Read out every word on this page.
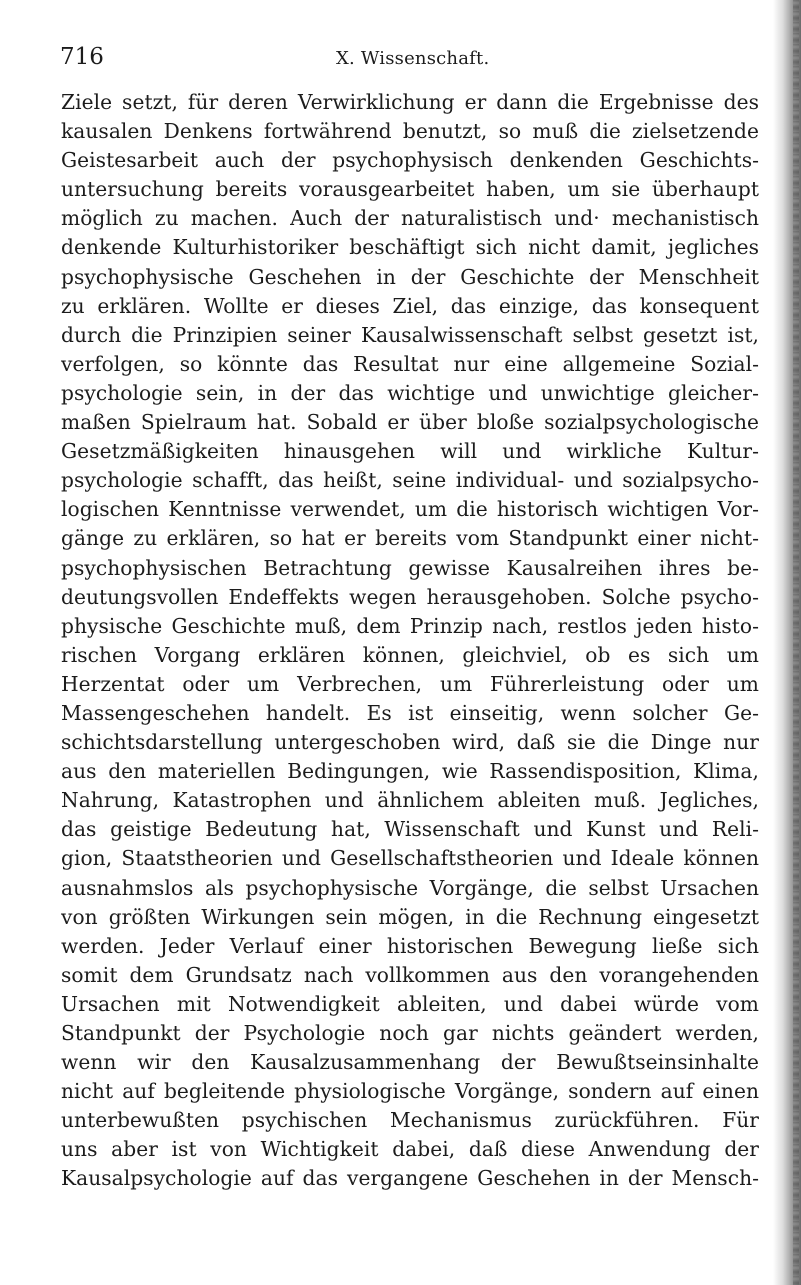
716	X. Wissenschaft.
Ziele setzt, für deren Verwirklichung er dann die Ergebnisse des
kausalen Denkens fortwährend benutzt, so muß die zielsetzende
Geistesarbeit auch der psychophysisch denkenden Geschichts-
untersuchung bereits vorausgearbeitet haben, um sie überhaupt
möglich zu machen. Auch der naturalistisch und· mechanistisch
denkende Kulturhistoriker beschäftigt sich nicht damit, jegliches
psychophysische Geschehen in der Geschichte der Menschheit
zu erklären. Wollte er dieses Ziel, das einzige, das konsequent
durch die Prinzipien seiner Kausalwissenschaft selbst gesetzt ist,
verfolgen, so könnte das Resultat nur eine allgemeine Sozial-
psychologie sein, in der das wichtige und unwichtige gleicher-
maßen Spielraum hat. Sobald er über bloße sozialpsychologische
Gesetzmäßigkeiten hinausgehen will und wirkliche Kultur-
psychologie schafft, das heißt, seine individual- und sozialpsycho-
logischen Kenntnisse verwendet, um die historisch wichtigen Vor-
gänge zu erklären, so hat er bereits vom Standpunkt einer nicht-
psychophysischen Betrachtung gewisse Kausalreihen ihres be-
deutungsvollen Endeffekts wegen herausgehoben. Solche psycho-
physische Geschichte muß, dem Prinzip nach, restlos jeden histo-
rischen Vorgang erklären können, gleichviel, ob es sich um
Herzentat oder um Verbrechen, um Führerleistung oder um
Massengeschehen handelt. Es ist einseitig, wenn solcher Ge-
schichtsdarstellung untergeschoben wird, daß sie die Dinge nur
aus den materiellen Bedingungen, wie Rassendisposition, Klima,
Nahrung, Katastrophen und ähnlichem ableiten muß. Jegliches,
das geistige Bedeutung hat, Wissenschaft und Kunst und Reli-
gion, Staatstheorien und Gesellschaftstheorien und Ideale können
ausnahmslos als psychophysische Vorgänge, die selbst Ursachen
von größten Wirkungen sein mögen, in die Rechnung eingesetzt
werden. Jeder Verlauf einer historischen Bewegung ließe sich
somit dem Grundsatz nach vollkommen aus den vorangehenden
Ursachen mit Notwendigkeit ableiten, und dabei würde vom
Standpunkt der Psychologie noch gar nichts geändert werden,
wenn wir den Kausalzusammenhang der Bewußtseinsinhalte
nicht auf begleitende physiologische Vorgänge, sondern auf einen
unterbewußten psychischen Mechanismus zurückführen. Für
uns aber ist von Wichtigkeit dabei, daß diese Anwendung der
Kausalpsychologie auf das vergangene Geschehen in der Mensch-
